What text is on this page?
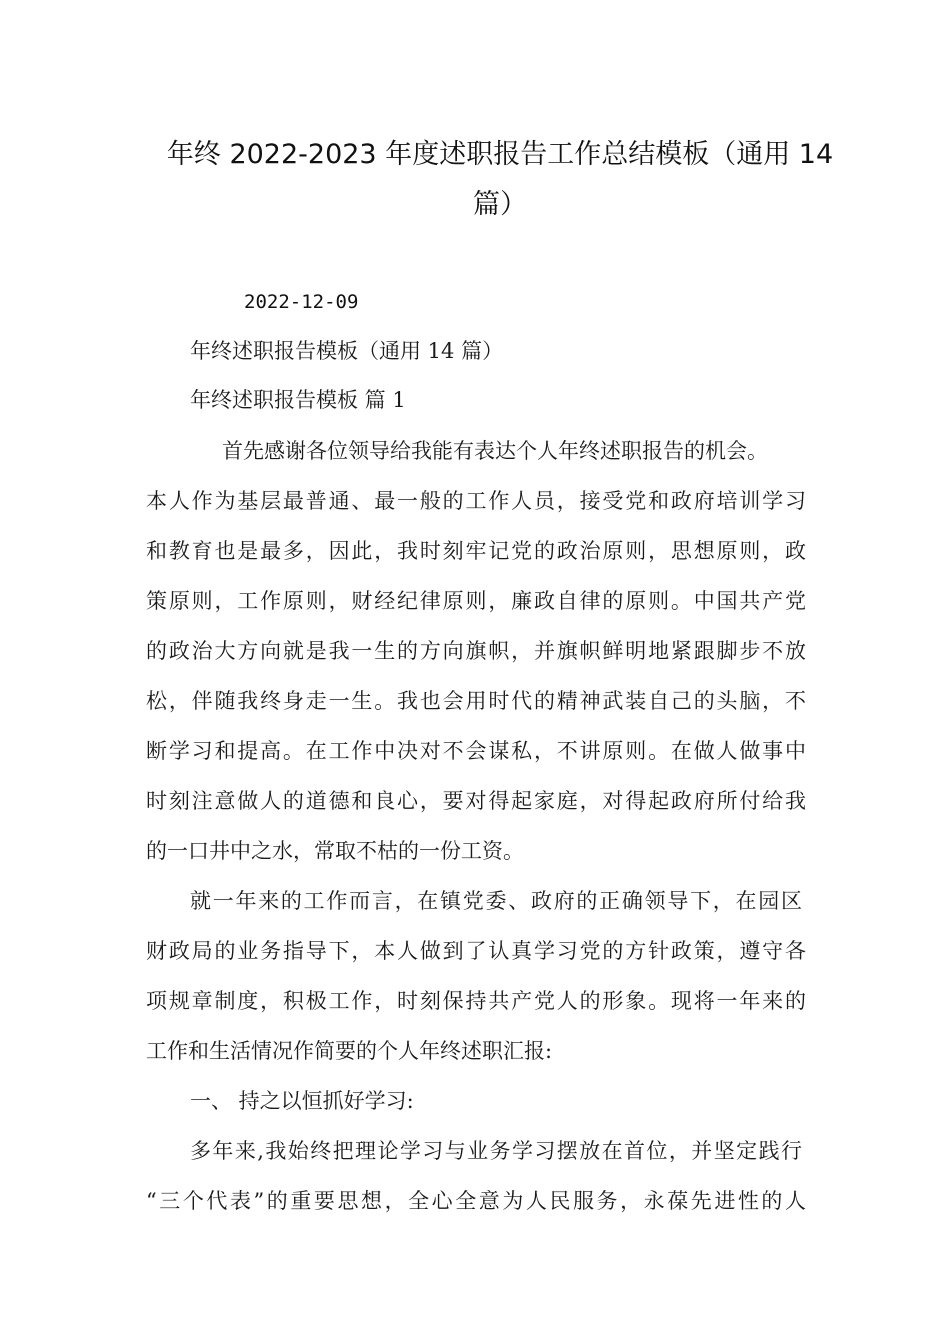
年终 2022-2023 年度述职报告工作总结模板（通用 14 篇）
2022-12-09
年终述职报告模板（通用 14 篇）
年终述职报告模板 篇 1
首先感谢各位领导给我能有表达个人年终述职报告的机会。
本人作为基层最普通、最一般的工作人员，接受党和政府培训学习
和教育也是最多，因此，我时刻牢记党的政治原则，思想原则，政
策原则，工作原则，财经纪律原则，廉政自律的原则。中国共产党
的政治大方向就是我一生的方向旗帜，并旗帜鲜明地紧跟脚步不放
松，伴随我终身走一生。我也会用时代的精神武装自己的头脑，不
断学习和提高。在工作中决对不会谋私，不讲原则。在做人做事中
时刻注意做人的道德和良心，要对得起家庭，对得起政府所付给我
的一口井中之水，常取不枯的一份工资。
就一年来的工作而言，在镇党委、政府的正确领导下，在园区
财政局的业务指导下，本人做到了认真学习党的方针政策，遵守各
项规章制度，积极工作，时刻保持共产党人的形象。现将一年来的
工作和生活情况作简要的个人年终述职汇报:
一、 持之以恒抓好学习:
多年来,我始终把理论学习与业务学习摆放在首位，并坚定践行
“三个代表”的重要思想，全心全意为人民服务，永葆先进性的人
